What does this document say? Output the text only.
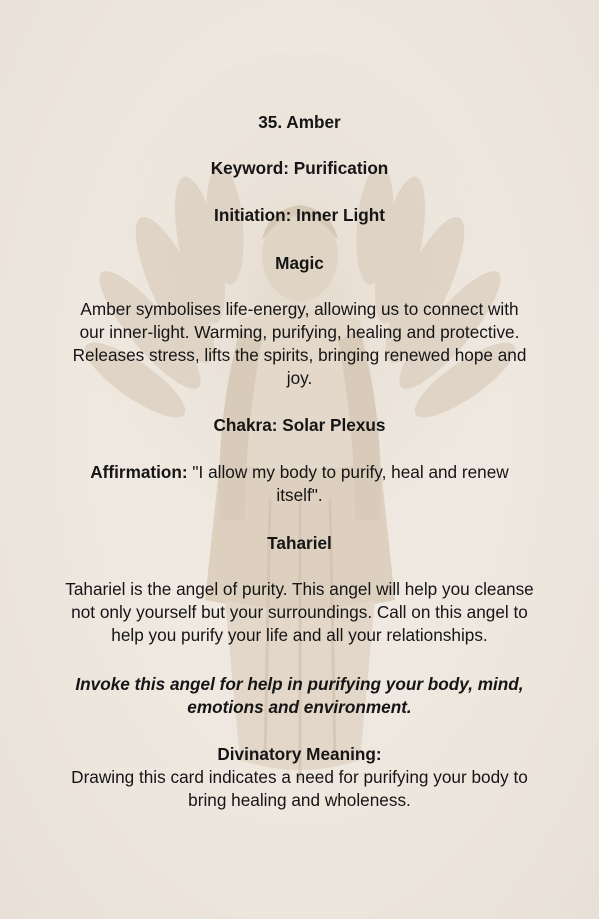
35. Amber
Keyword: Purification
Initiation: Inner Light
Magic
Amber symbolises life-energy, allowing us to connect with
our inner-light. Warming, purifying, healing and protective.
Releases stress, lifts the spirits, bringing renewed hope and
joy.
Chakra: Solar Plexus
Affirmation: "I allow my body to purify, heal and renew
itself".
Tahariel
Tahariel is the angel of purity. This angel will help you cleanse
not only yourself but your surroundings. Call on this angel to
help you purify your life and all your relationships.
Invoke this angel for help in purifying your body, mind,
emotions and environment.
Divinatory Meaning:
Drawing this card indicates a need for purifying your body to
bring healing and wholeness.
